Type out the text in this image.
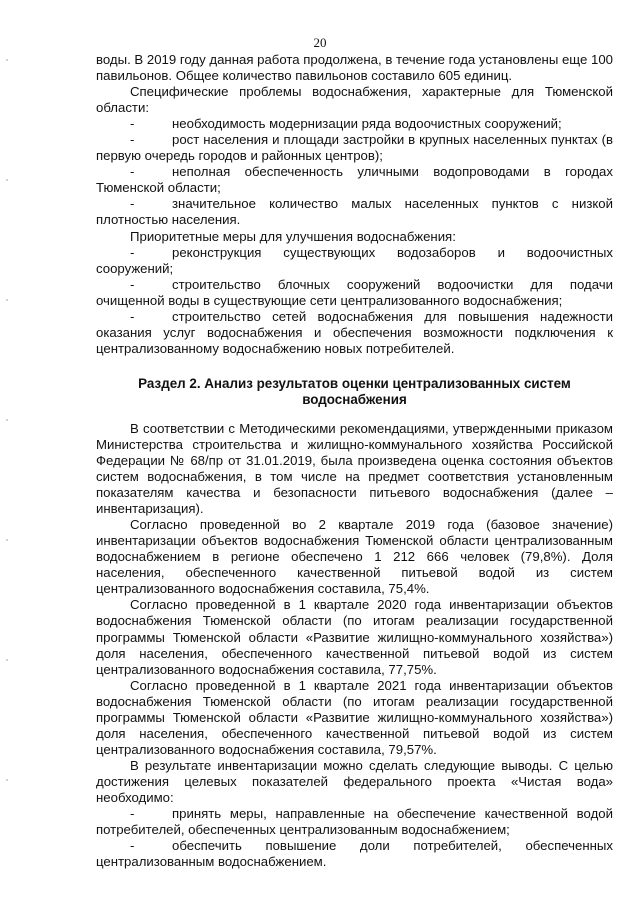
20

воды. В 2019 году данная работа продолжена, в течение года установлены еще 100 павильонов. Общее количество павильонов составило 605 единиц.

Специфические проблемы водоснабжения, характерные для Тюменской области:

-	необходимость модернизации ряда водоочистных сооружений;

-	рост населения и площади застройки в крупных населенных пунктах (в первую очередь городов и районных центров);

-	неполная обеспеченность уличными водопроводами в городах Тюменской области;

-	значительное количество малых населенных пунктов с низкой плотностью населения.

Приоритетные меры для улучшения водоснабжения:

-	реконструкция существующих водозаборов и водоочистных сооружений;

-	строительство блочных сооружений водоочистки для подачи очищенной воды в существующие сети централизованного водоснабжения;

-	строительство сетей водоснабжения для повышения надежности оказания услуг водоснабжения и обеспечения возможности подключения к централизованному водоснабжению новых потребителей.

Раздел 2. Анализ результатов оценки централизованных систем водоснабжения

В соответствии с Методическими рекомендациями, утвержденными приказом Министерства строительства и жилищно-коммунального хозяйства Российской Федерации № 68/пр от 31.01.2019, была произведена оценка состояния объектов систем водоснабжения, в том числе на предмет соответствия установленным показателям качества и безопасности питьевого водоснабжения (далее – инвентаризация).

Согласно проведенной во 2 квартале 2019 года (базовое значение) инвентаризации объектов водоснабжения Тюменской области централизованным водоснабжением в регионе обеспечено 1 212 666 человек (79,8%). Доля населения, обеспеченного качественной питьевой водой из систем централизованного водоснабжения составила, 75,4%.

Согласно проведенной в 1 квартале 2020 года инвентаризации объектов водоснабжения Тюменской области (по итогам реализации государственной программы Тюменской области «Развитие жилищно-коммунального хозяйства») доля населения, обеспеченного качественной питьевой водой из систем централизованного водоснабжения составила, 77,75%.

Согласно проведенной в 1 квартале 2021 года инвентаризации объектов водоснабжения Тюменской области (по итогам реализации государственной программы Тюменской области «Развитие жилищно-коммунального хозяйства») доля населения, обеспеченного качественной питьевой водой из систем централизованного водоснабжения составила, 79,57%.

В результате инвентаризации можно сделать следующие выводы. С целью достижения целевых показателей федерального проекта «Чистая вода» необходимо:

-	принять меры, направленные на обеспечение качественной водой потребителей, обеспеченных централизованным водоснабжением;

-	обеспечить повышение доли потребителей, обеспеченных централизованным водоснабжением.
